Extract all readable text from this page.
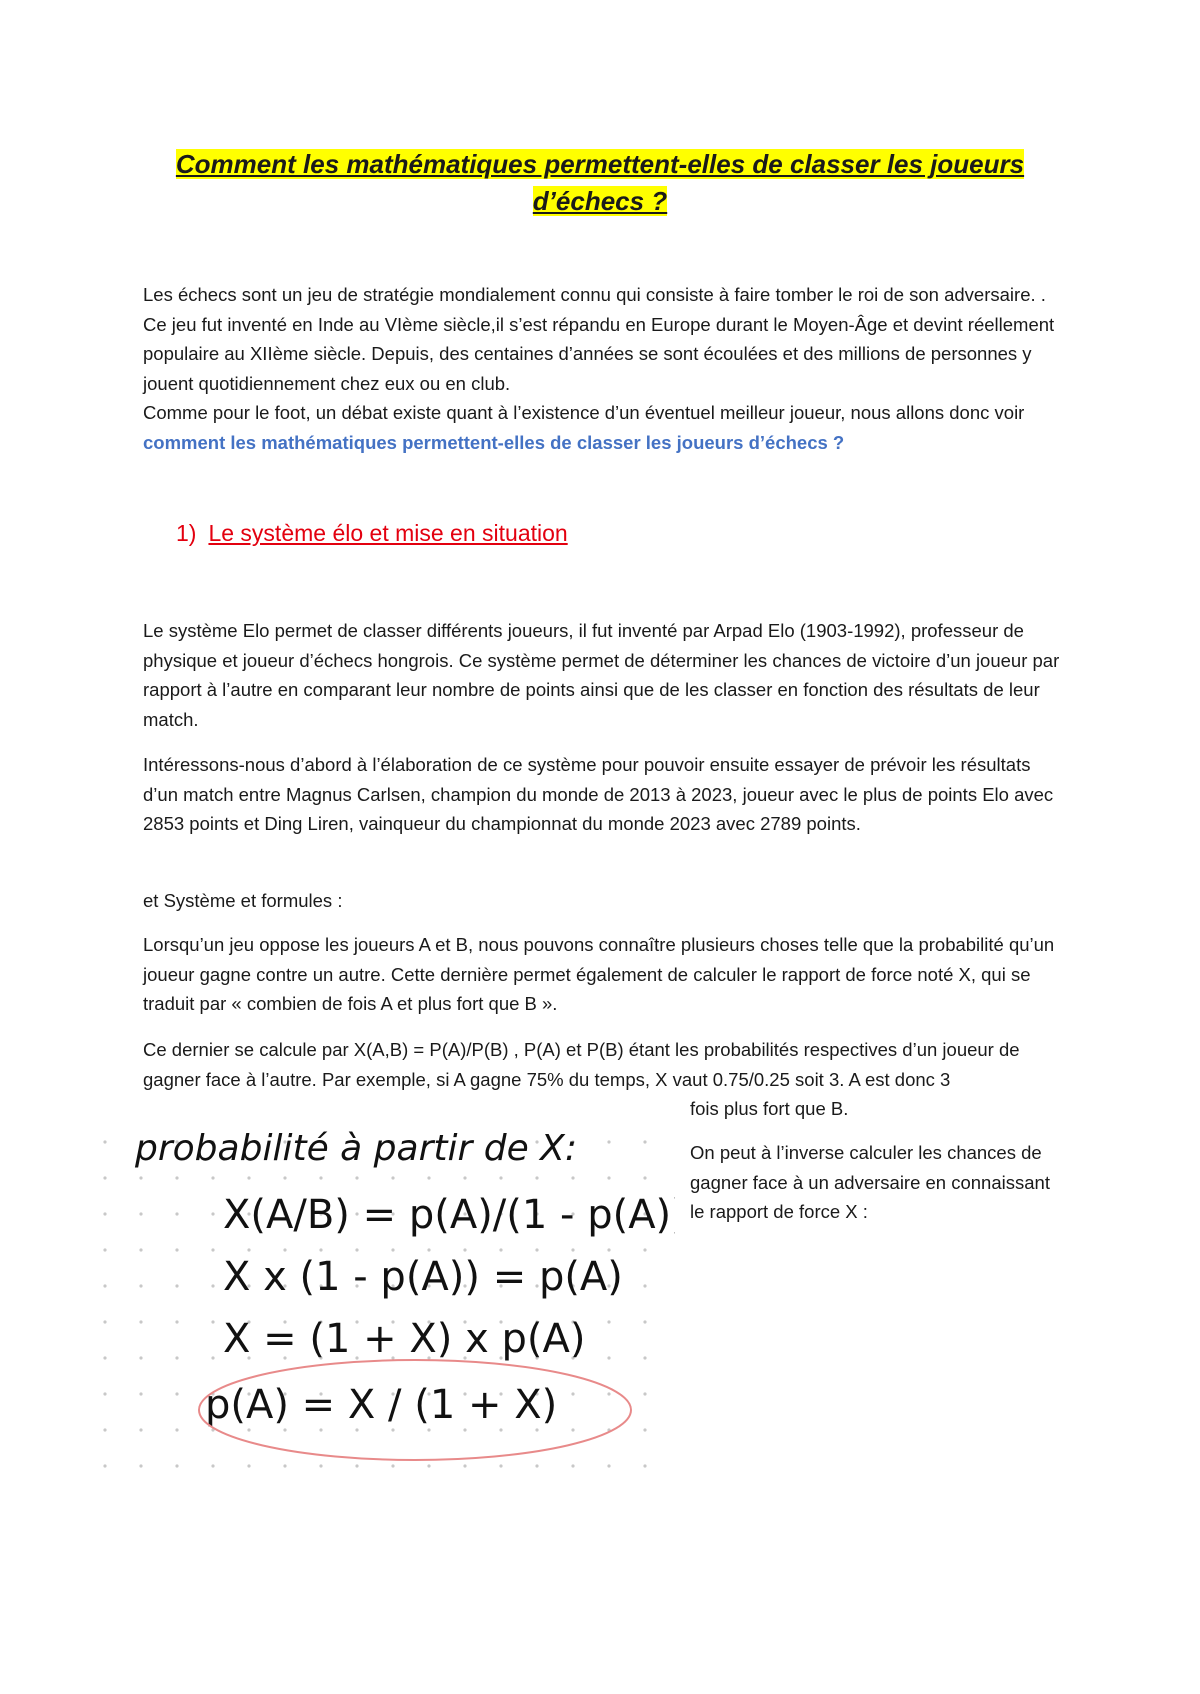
Comment les mathématiques permettent-elles de classer les joueurs
d’échecs ?

Les échecs sont un jeu de stratégie mondialement connu qui consiste à faire tomber le roi de son adversaire. . Ce jeu fut inventé en Inde au VIème siècle,il s’est répandu en Europe durant le Moyen-Âge et devint réellement populaire au XIIème siècle. Depuis, des centaines d’années se sont écoulées et des millions de personnes y jouent quotidiennement chez eux ou en club.

Comme pour le foot, un débat existe quant à l’existence d’un éventuel meilleur joueur, nous allons donc voir comment les mathématiques permettent-elles de classer les joueurs d’échecs ?

1) Le système élo et mise en situation

Le système Elo permet de classer différents joueurs, il fut inventé par Arpad Elo (1903-1992), professeur de physique et joueur d’échecs hongrois. Ce système permet de déterminer les chances de victoire d’un joueur par rapport à l’autre en comparant leur nombre de points ainsi que de les classer en fonction des résultats de leur match.

Intéressons-nous d’abord à l’élaboration de ce système pour pouvoir ensuite essayer de prévoir les résultats d’un match entre Magnus Carlsen, champion du monde de 2013 à 2023, joueur avec le plus de points Elo avec 2853 points et Ding Liren, vainqueur du championnat du monde 2023 avec 2789 points.

et Système et formules :

Lorsqu’un jeu oppose les joueurs A et B, nous pouvons connaître plusieurs choses telle que la probabilité qu’un joueur gagne contre un autre. Cette dernière permet également de calculer le rapport de force noté X, qui se traduit par « combien de fois A et plus fort que B ».

Ce dernier se calcule par X(A,B) = P(A)/P(B) , P(A) et P(B) étant les probabilités respectives d’un joueur de gagner face à l’autre. Par exemple, si A gagne 75% du temps, X vaut 0.75/0.25 soit 3. A est donc 3

fois plus fort que B.

On peut à l’inverse calculer les chances de gagner face à un adversaire en connaissant le rapport de force X :

probabilité à partir de X:
X(A/B) = p(A)/(1 - p(A))
X x (1 - p(A)) = p(A)
X = (1 + X) x p(A)
p(A) = X / (1 + X)
